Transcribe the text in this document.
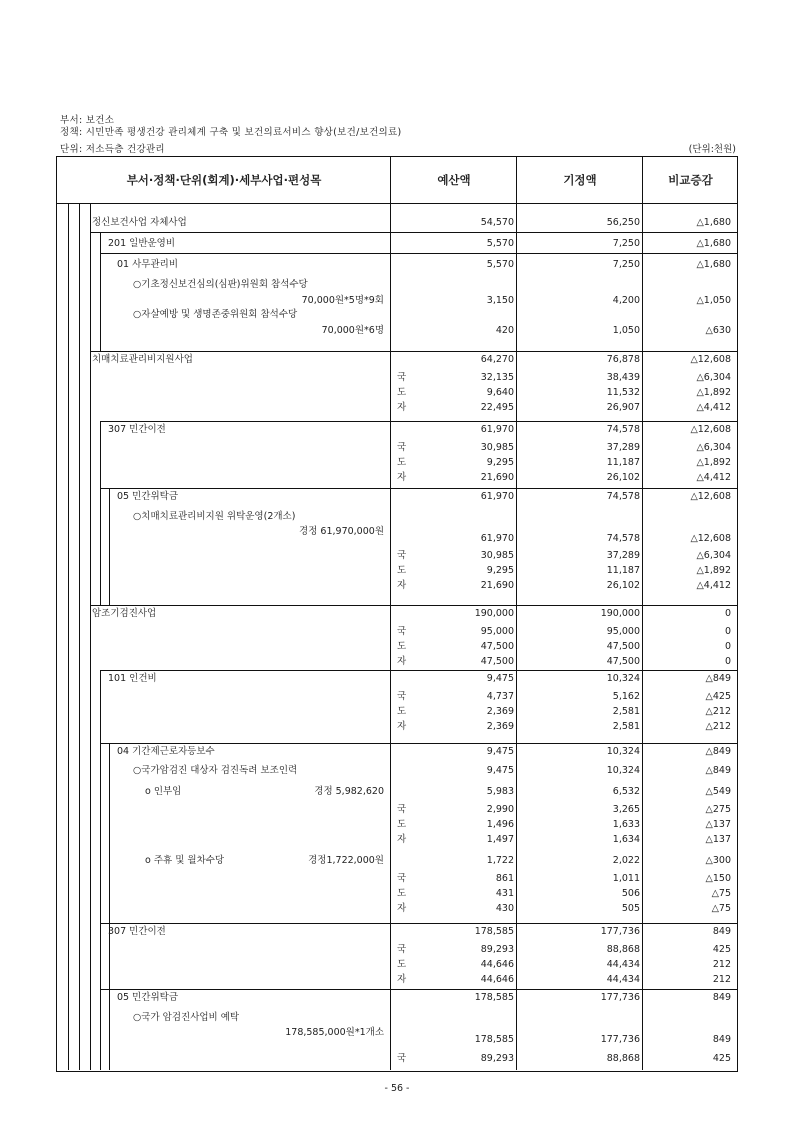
부서: 보건소
정책: 시민만족 평생건강 관리체계 구축 및 보건의료서비스 향상(보건/보건의료)
단위: 저소득층 건강관리	(단위:천원)
부서·정책·단위(회계)·세부사업·편성목	예산액	기정액	비교증감
정신보건사업 자체사업	54,570	56,250	△1,680
201 일반운영비	5,570	7,250	△1,680
01 사무관리비	5,570	7,250	△1,680
○기초정신보건심의(심판)위원회 참석수당
70,000원*5명*9회	3,150	4,200	△1,050
○자살예방 및 생명존중위원회 참석수당
70,000원*6명	420	1,050	△630
치매치료관리비지원사업	64,270	76,878	△12,608
국	32,135	38,439	△6,304
도	9,640	11,532	△1,892
자	22,495	26,907	△4,412
307 민간이전	61,970	74,578	△12,608
국	30,985	37,289	△6,304
도	9,295	11,187	△1,892
자	21,690	26,102	△4,412
05 민간위탁금	61,970	74,578	△12,608
○치매치료관리비지원 위탁운영(2개소)
경정 61,970,000원
61,970	74,578	△12,608
국	30,985	37,289	△6,304
도	9,295	11,187	△1,892
자	21,690	26,102	△4,412
암조기검진사업	190,000	190,000	0
국	95,000	95,000	0
도	47,500	47,500	0
자	47,500	47,500	0
101 인건비	9,475	10,324	△849
국	4,737	5,162	△425
도	2,369	2,581	△212
자	2,369	2,581	△212
04 기간제근로자등보수	9,475	10,324	△849
○국가암검진 대상자 검진독려 보조인력	9,475	10,324	△849
o 인부임	경정 5,982,620	5,983	6,532	△549
국	2,990	3,265	△275
도	1,496	1,633	△137
자	1,497	1,634	△137
o 주휴 및 월차수당	경정1,722,000원	1,722	2,022	△300
국	861	1,011	△150
도	431	506	△75
자	430	505	△75
307 민간이전	178,585	177,736	849
국	89,293	88,868	425
도	44,646	44,434	212
자	44,646	44,434	212
05 민간위탁금	178,585	177,736	849
○국가 암검진사업비 예탁
178,585,000원*1개소
178,585	177,736	849
국	89,293	88,868	425
- 56 -
